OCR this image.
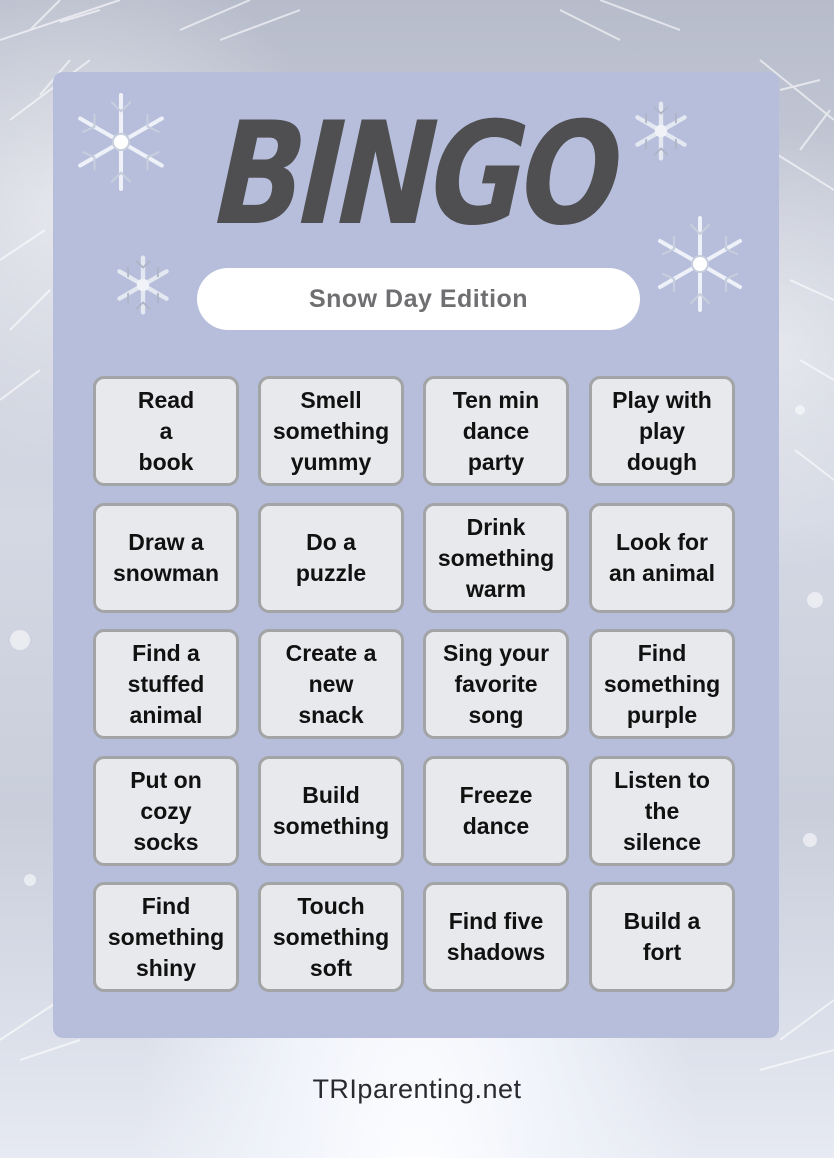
BINGO
Snow Day Edition
Read
a
book
Smell
something
yummy
Ten min
dance
party
Play with
play
dough
Draw a
snowman
Do a
puzzle
Drink
something
warm
Look for
an animal
Find a
stuffed
animal
Create a
new
snack
Sing your
favorite
song
Find
something
purple
Put on
cozy
socks
Build
something
Freeze
dance
Listen to
the
silence
Find
something
shiny
Touch
something
soft
Find five
shadows
Build a
fort
TRIparenting.net
